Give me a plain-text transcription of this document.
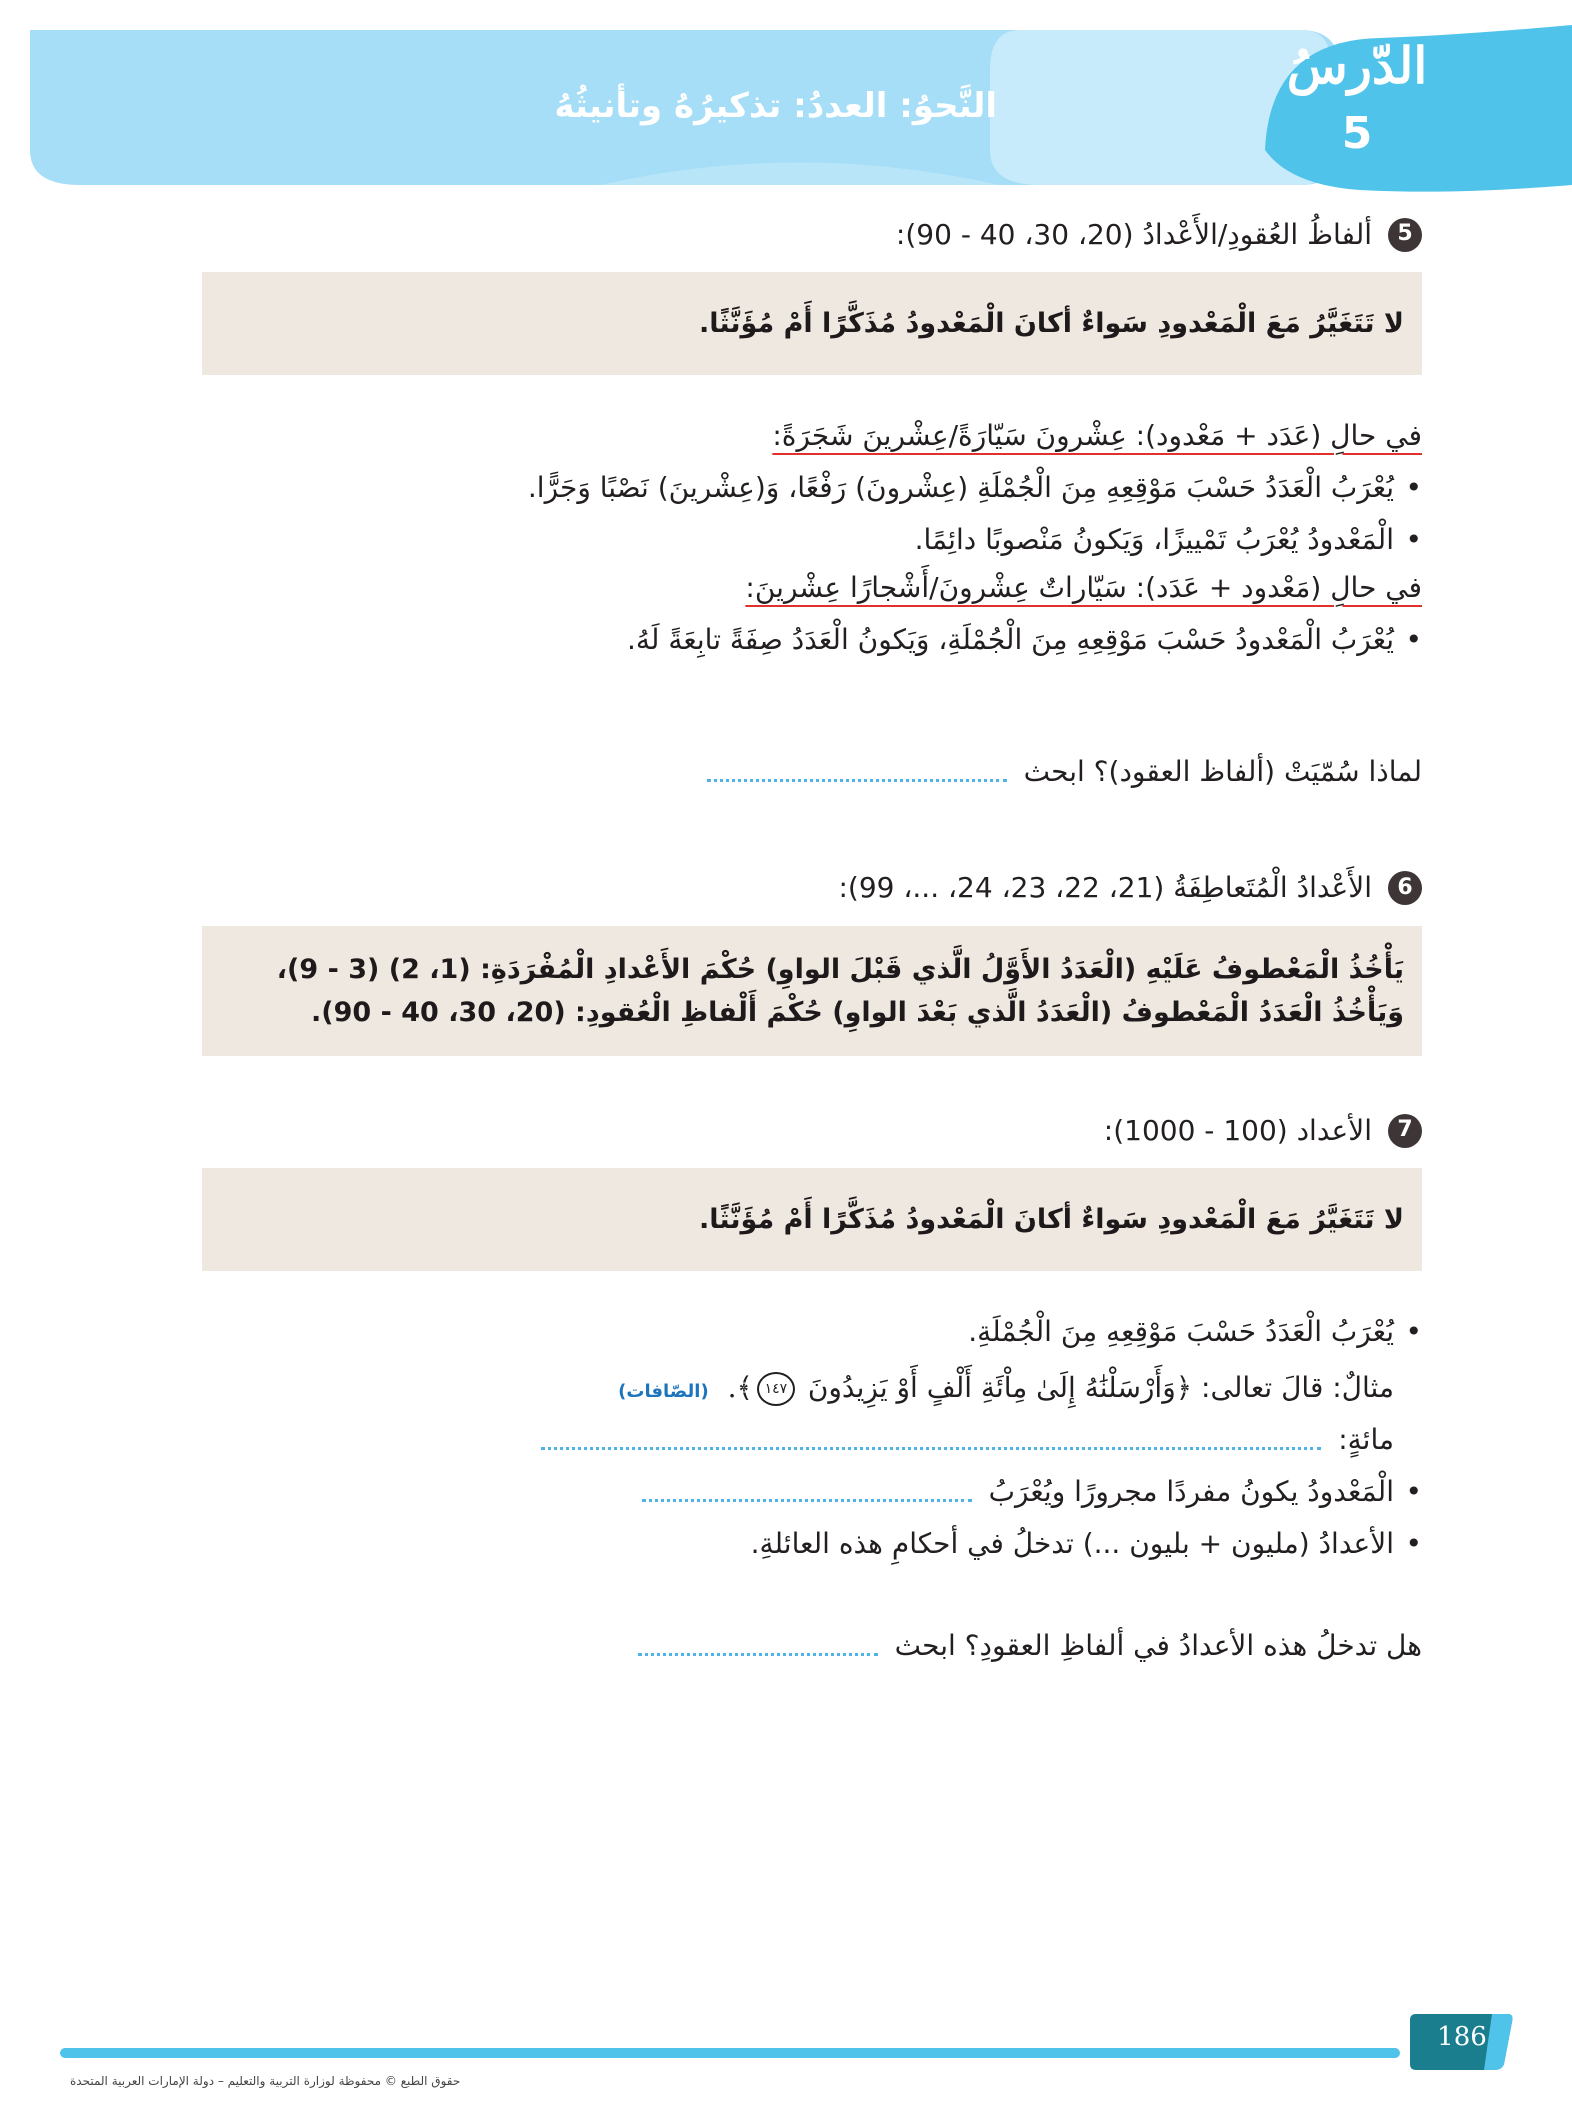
الدّرسُ
5
النَّحوُ: العددُ: تذكيرُهُ وتأنيثُهُ
5
ألفاظُ العُقودِ/الأَعْدادُ (20، 30، 40 - 90):
لا تَتَغَيَّرُ مَعَ الْمَعْدودِ سَواءٌ أكانَ الْمَعْدودُ مُذَكَّرًا أَمْ مُؤَنَّثًا.
في حالِ (عَدَد + مَعْدود): عِشْرونَ سَيّارَةً/عِشْرينَ شَجَرَةً:
• يُعْرَبُ الْعَدَدُ حَسْبَ مَوْقِعِهِ مِنَ الْجُمْلَةِ (عِشْرونَ) رَفْعًا، وَ(عِشْرينَ) نَصْبًا وَجَرًّا.
• الْمَعْدودُ يُعْرَبُ تَمْييزًا، وَيَكونُ مَنْصوبًا دائِمًا.
في حالِ (مَعْدود + عَدَد): سَيّاراتٌ عِشْرونَ/أَشْجارًا عِشْرينَ:
• يُعْرَبُ الْمَعْدودُ حَسْبَ مَوْقِعِهِ مِنَ الْجُمْلَةِ، وَيَكونُ الْعَدَدُ صِفَةً تابِعَةً لَهُ.
لماذا سُمّيَتْ (ألفاظ العقود)؟ ابحث
6
الأَعْدادُ الْمُتَعاطِفَةُ (21، 22، 23، 24، ...، 99):
يَأْخُذُ الْمَعْطوفُ عَلَيْهِ (الْعَدَدُ الأَوَّلُ الَّذي قَبْلَ الواوِ) حُكْمَ الأَعْدادِ الْمُفْرَدَةِ: (1، 2) (3 - 9)،
وَيَأْخُذُ الْعَدَدُ الْمَعْطوفُ (الْعَدَدُ الَّذي بَعْدَ الواوِ) حُكْمَ أَلْفاظِ الْعُقودِ: (20، 30، 40 - 90).
7
الأعداد (100 - 1000):
لا تَتَغَيَّرُ مَعَ الْمَعْدودِ سَواءٌ أكانَ الْمَعْدودُ مُذَكَّرًا أَمْ مُؤَنَّثًا.
• يُعْرَبُ الْعَدَدُ حَسْبَ مَوْقِعِهِ مِنَ الْجُمْلَةِ.
مثالٌ: قالَ تعالى: ﴿وَأَرْسَلْنَٰهُ إِلَىٰ مِاْئَةِ أَلْفٍ أَوْ يَزِيدُونَ ١٤٧﴾. (الصّافات)
مائةٍ:
• الْمَعْدودُ يكونُ مفردًا مجرورًا ويُعْرَبُ
• الأعدادُ (مليون + بليون ...) تدخلُ في أحكامِ هذه العائلةِ.
هل تدخلُ هذه الأعدادُ في ألفاظِ العقودِ؟ ابحث
186
حقوق الطبع © محفوظة لوزارة التربية والتعليم – دولة الإمارات العربية المتحدة
